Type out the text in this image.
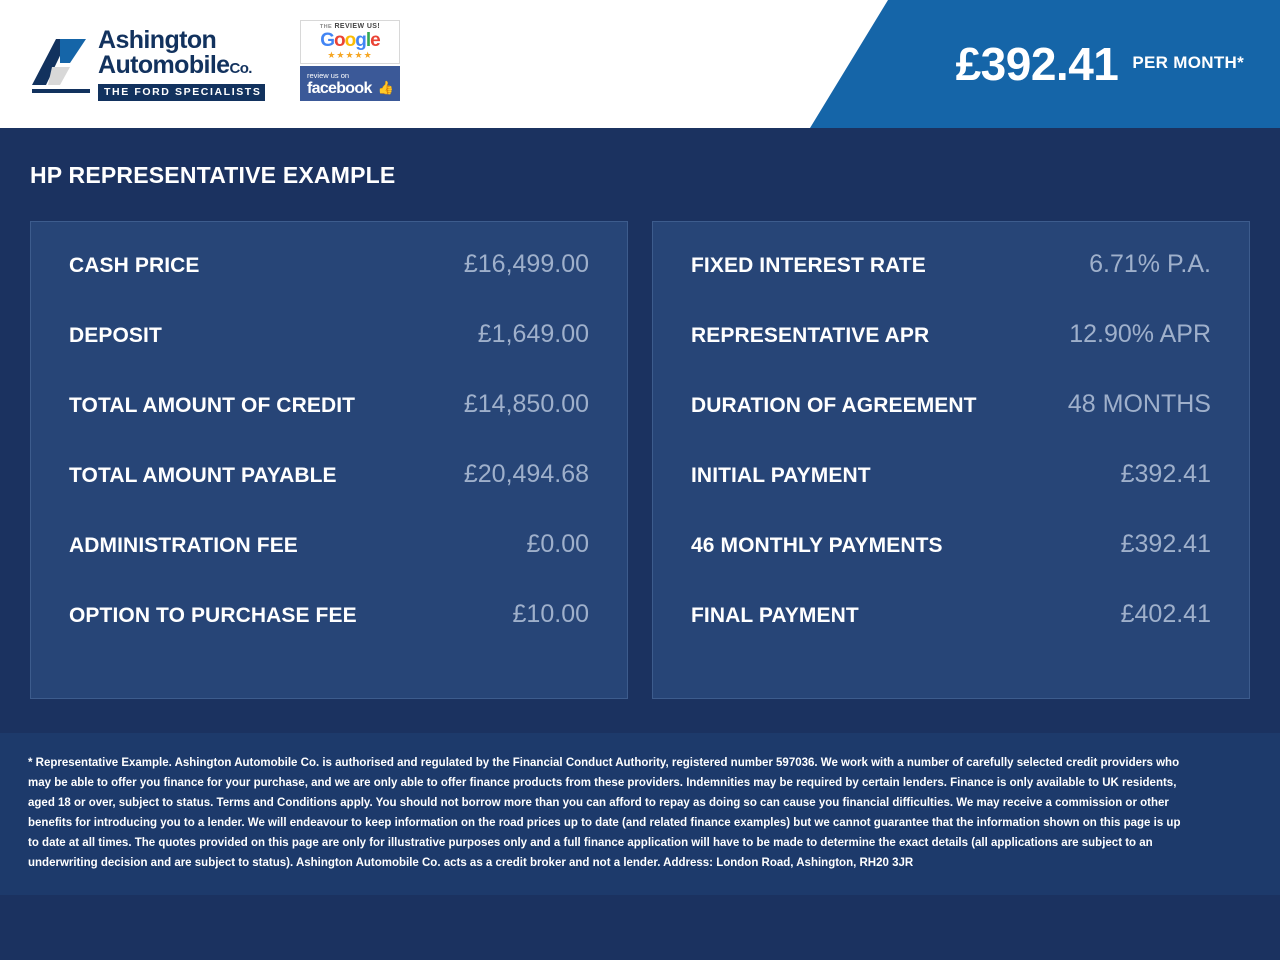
£392.41 PER MONTH*
Ashington
AutomobileCo.
THE FORD SPECIALISTS
THE REVIEW US!
Google
★★★★★
review us on
facebook 👍
HP REPRESENTATIVE EXAMPLE
CASH PRICE	£16,499.00
DEPOSIT	£1,649.00
TOTAL AMOUNT OF CREDIT	£14,850.00
TOTAL AMOUNT PAYABLE	£20,494.68
ADMINISTRATION FEE	£0.00
OPTION TO PURCHASE FEE	£10.00
FIXED INTEREST RATE	6.71% P.A.
REPRESENTATIVE APR	12.90% APR
DURATION OF AGREEMENT	48 MONTHS
INITIAL PAYMENT	£392.41
46 MONTHLY PAYMENTS	£392.41
FINAL PAYMENT	£402.41

* Representative Example. Ashington Automobile Co. is authorised and regulated by the Financial Conduct Authority, registered number 597036. We work with a number of carefully selected credit providers who may be able to offer you finance for your purchase, and we are only able to offer finance products from these providers. Indemnities may be required by certain lenders. Finance is only available to UK residents, aged 18 or over, subject to status. Terms and Conditions apply. You should not borrow more than you can afford to repay as doing so can cause you financial difficulties. We may receive a commission or other benefits for introducing you to a lender. We will endeavour to keep information on the road prices up to date (and related finance examples) but we cannot guarantee that the information shown on this page is up to date at all times. The quotes provided on this page are only for illustrative purposes only and a full finance application will have to be made to determine the exact details (all applications are subject to an underwriting decision and are subject to status). Ashington Automobile Co. acts as a credit broker and not a lender. Address: London Road, Ashington, RH20 3JR
